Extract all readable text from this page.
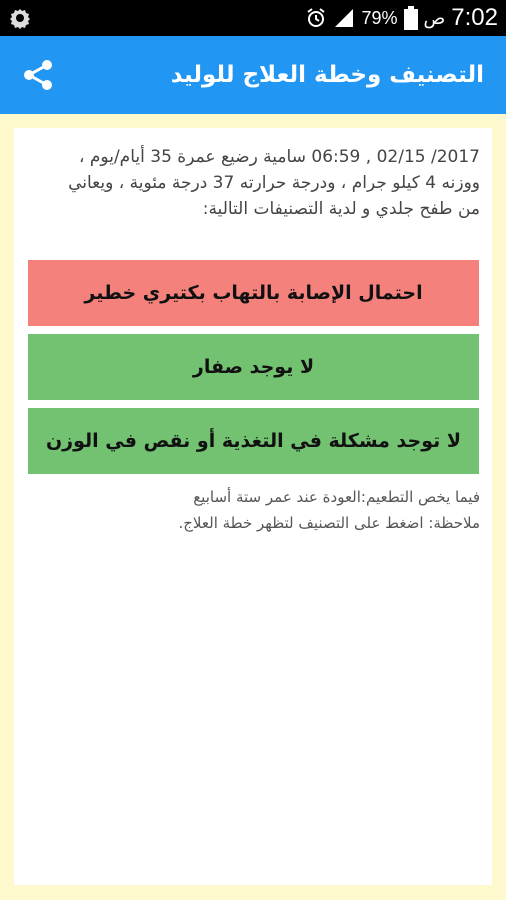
79% ص 7:02
التصنيف وخطة العلاج للوليد

2017/ 02/15 , 06:59 سامية رضيع عمرة 35 أيام/يوم ، ووزنه 4 كيلو جرام ، ودرجة حرارته 37 درجة مئوية ، ويعاني من طفح جلدي و لدية التصنيفات التالية:

احتمال الإصابة بالتهاب بكتيري خطير
لا يوجد صفار
لا توجد مشكلة في التغذية أو نقص في الوزن
فيما يخص التطعيم:العودة عند عمر ستة أسابيع
ملاحظة: اضغط على التصنيف لتظهر خطة العلاج.
